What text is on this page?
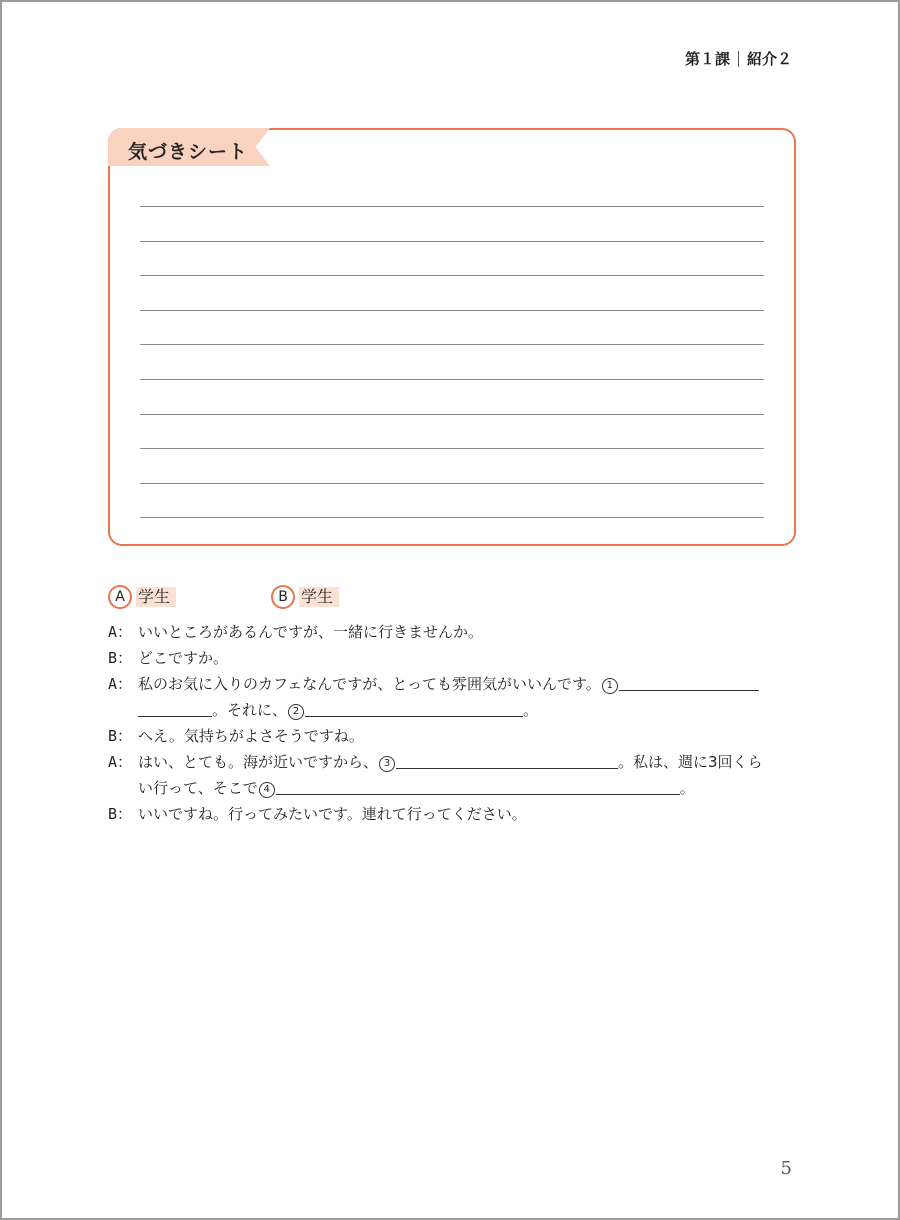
第１課 紹介２
気づきシート
A 学生	B 学生
A： いいところがあるんですが、一緒に行きませんか。
B： どこですか。
A： 私のお気に入りのカフェなんですが、とっても雰囲気がいいんです。 1
。それに、 2	。
B： へえ。気持ちがよさそうですね。
A： はい、とても。海が近いですから、 3	。私は、週に3回くら
い行って、そこで 4	。
B： いいですね。行ってみたいです。連れて行ってください。
5
